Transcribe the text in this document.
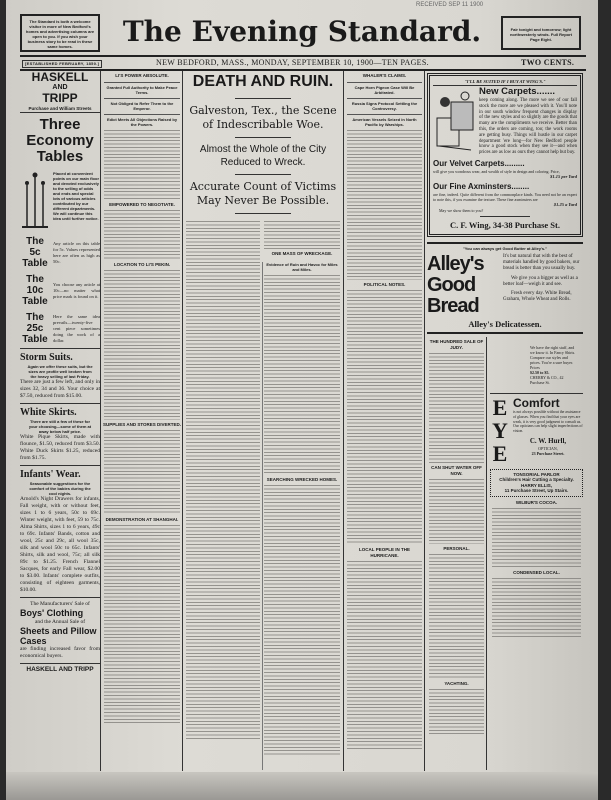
The Standard is both a welcome visitor in more of New Bedford's homes and advertising columns are open to you. If you wish your business story to be read in these same homes.
RECEIVED SEP 11 1900
The Evening Standard.	Fair tonight and tomorrow; light northwesterly winds. Full Report Page Eight.
[ESTABLISHED FEBRUARY, 1850.]	NEW BEDFORD, MASS., MONDAY, SEPTEMBER 10, 1900—TEN PAGES.	TWO CENTS.
HASKELL
AND
TRIPP
Purchase and William Streets
Three Economy Tables
Placed at convenient points on our main floor and devoted exclusively to the selling of odds and ends and special lots of various articles contributed by our different departments. We will continue this idea until further notice.
The 5c Table
Any article on this table for 5c. Values represented here are often as high as 50c.
The 10c Table
You choose any article at 10c—no matter what price mark is found on it.
The 25c Table
Here the same idea prevails—twenty-five cent piece sometimes doing the work of a dollar.
Storm Suits.
Again we offer these suits, but the sizes are profile well broken from the heavy selling of last Friday.
There are just a few left, and only in sizes 32, 34 and 36. Your choice at $7.50, reduced from $15.00.
White Skirts.
There are still a few of these for your choosing—some of them at away below half price.
White Pique Skirts, made with flounce, $1.50, reduced from $3.50. White Duck Skirts $1.25, reduced from $1.75.
Infants' Wear.
Seasonable suggestions for the comfort of the babies during the cool nights.
Arnold's Night Drawers for infants, Fall weight, with or without feet, sizes 1 to 6 years, 50c to 69c. Winter weight, with feet, 59 to 75c. Alma Shirts, sizes 1 to 6 years, 49c to 69c. Infants' Bands, cotton and wool, 25c and 29c, all wool 35c, silk and wool 50c to 65c. Infants' Shirts, silk and wool, 75c; all silk 89c to $1.25. French Flannel Sacques, for early Fall wear, $2.00 to $3.00. Infants' complete outfits, consisting of eighteen garments, $10.00.
The Manufacturers' Sale of
Boys' Clothing
and the Annual Sale of
Sheets and Pillow Cases
are finding increased favor from economical buyers.
HASKELL AND TRIPP
LI'S POWER ABSOLUTE.
Granted Full Authority to Make Peace Terms.
Not Obliged to Refer Them to the Emperor.
Edict Meets All Objections Raised by the Powers.
EMPOWERED TO NEGOTIATE.
LOCATION TO LI'S PEKIN.
SUPPLIES AND STORES DIVERTED.
DEMONSTRATION AT SHANGHAI.
DEATH AND RUIN.
Galveston, Tex., the Scene of Indescribable Woe.
Almost the Whole of the City Reduced to Wreck.
Accurate Count of Victims May Never Be Possible.
ONE MASS OF WRECKAGE.
Evidence of Ruin and Havoc for Miles and Miles.
SEARCHING WRECKED HOMES.
WHALER'S CLAIMS.
Cape Horn Pigeon Case Will Be Arbitrated.
Russia Signs Protocol Settling the Controversy.
American Vessels Seized in North Pacific by Warships.
POLITICAL NOTES.
LOCAL PEOPLE IN THE HURRICANE.
"I'LL BE SUITED IF I BUY AT WING'S."
New Carpets.......
keep coming along. The more we see of our fall stock the more are we pleased with it. You'll note in our south window frequent changes in display of the new styles and so slightly are the goods that many are the compliments we receive. Better than this, the orders are coming, too; the work rooms are getting busy. Things will hustle in our carpet department 'ere long—for New Bedford people know a good stock when they see it—and when prices are as low as ours they cannot help but buy.
Our Velvet Carpets.........
will give you wondrous wear, and wealth of style in design and coloring. Price,
$1.15 per Yard
Our Fine Axminsters........
are fine, indeed. Quite different from the commonplace kinds. You need not be an expert to note this, if you examine the texture. These fine axminsters are
$1.25 a Yard
May we show them to you?
C. F. Wing, 34-38 Purchase St.
"You can always get Good Butter at Alley's."
Alley's Good Bread
It's but natural that with the best of materials handled by good bakers, our bread is better than you usually buy.
We give you a bigger as well as a better loaf—weigh it and see.
Fresh every day. White Bread, Graham, Whole Wheat and Rolls.
Alley's Delicatessen.
THE HUNDRED SALE OF JUDY.
CAN SHUT WATER OFF NOW.
PERSONAL.
YACHTING.
We have the right stuff, and we know it. In Fancy Shirts. Compare our styles and prices. You're a sure buyer. Prices
$2.50 to $5.
CHERRY & CO., 42 Purchase St.
EYE
Comfort
is not always possible without the assistance of glasses. When you find that your eyes are weak, it is very good judgment to consult us. Our opticians can help slight imperfections of vision.
C. W. Hurll,
OPTICIAN,
23 Purchase Street.
TONSORIAL PARLOR
Children's Hair Cutting a Specialty.
HARRY ELLIS,
11 Purchase Street, Up Stairs.
WILBUR'S COCOA.
CONDENSED LOCAL.
